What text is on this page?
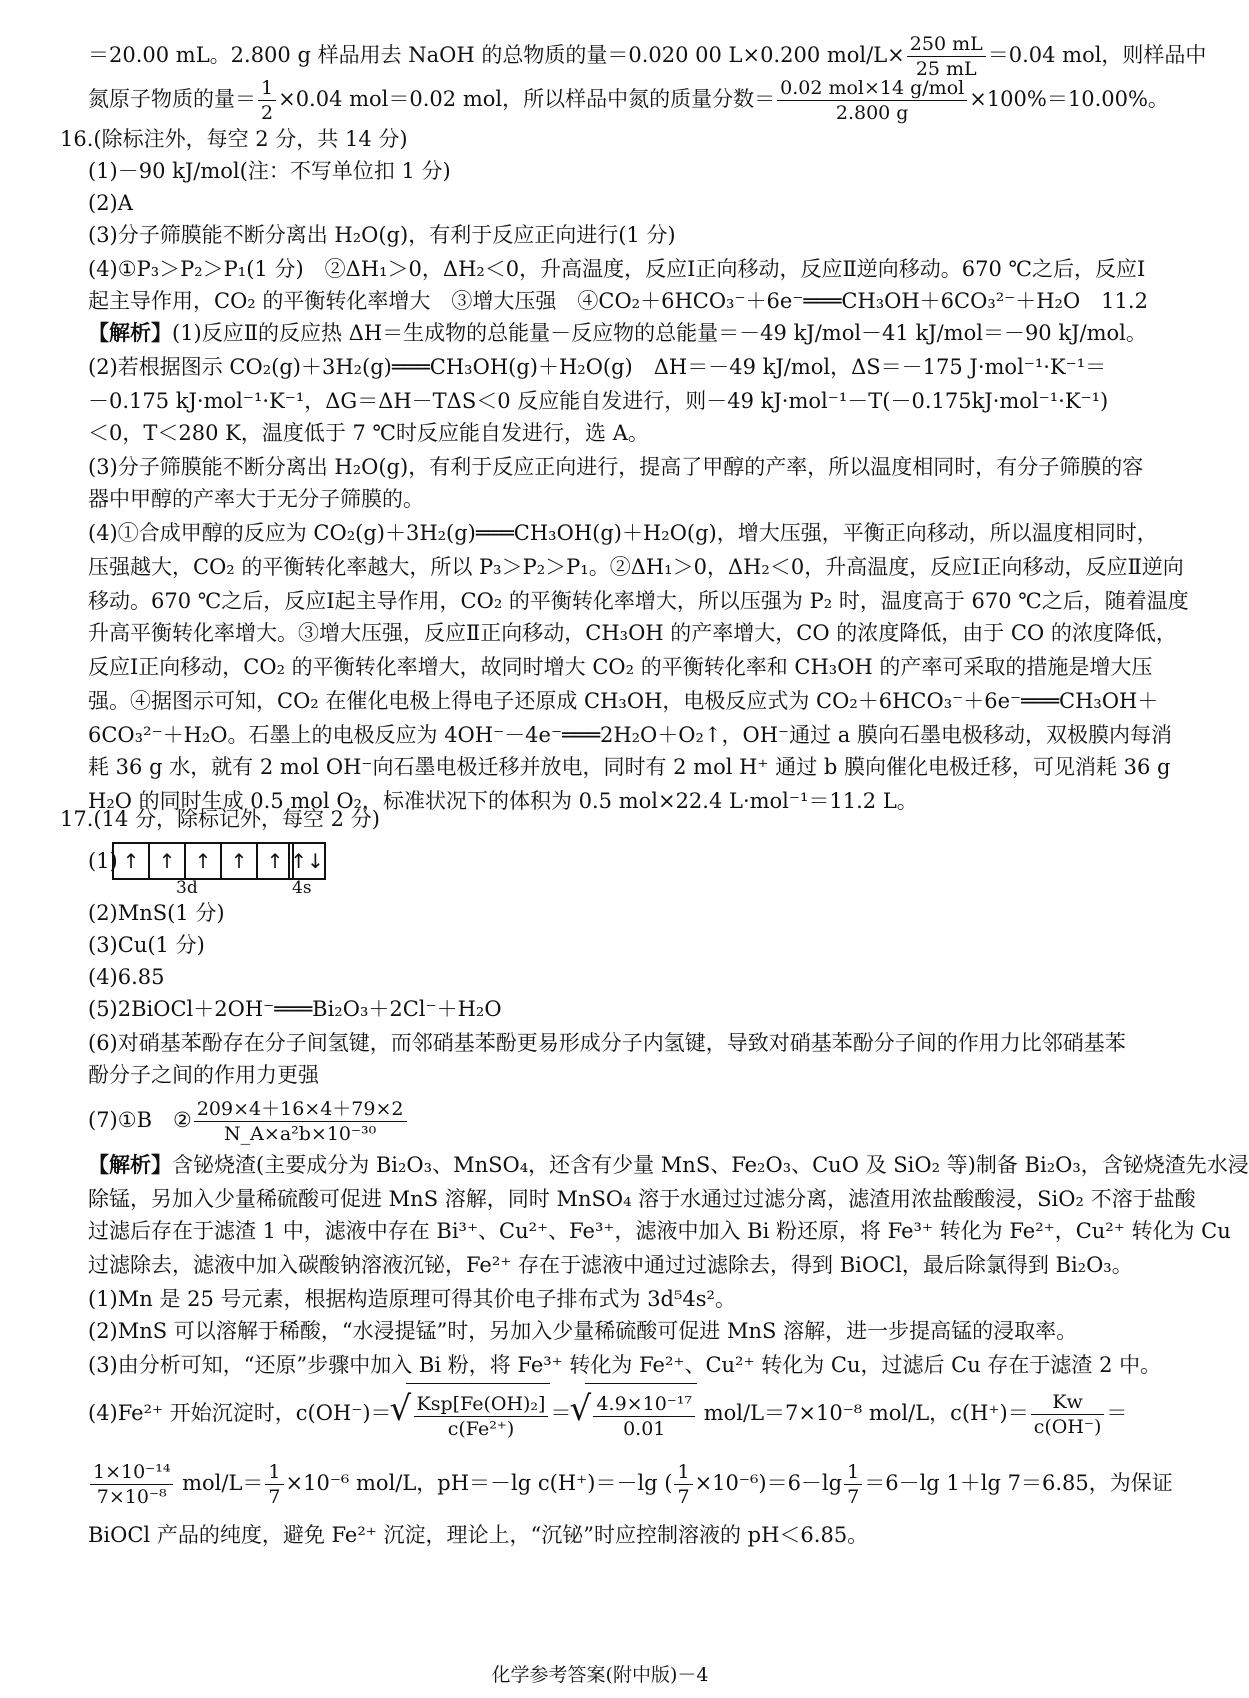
＝20.00 mL。2.800 g 样品用去 NaOH 的总物质的量＝0.020 00 L×0.200 $mol/L\times \frac{250 mL}{25 mL} =0.04$ mol，则样品中
氮原子物质的量＝ $\frac{1}{2} \times 0.04$ mol＝0.02 mol，所以样品中氮的质量分数＝ $\frac{\text{0.02 mol×14 g/mol}}{2.800 g} \times 100\%=10.00\%$。
16.(除标注外，每空 2 分，共 14 分)
(1)－90 kJ/mol(注：不写单位扣 1 分)
(2)A
(3)分子筛膜能不断分离出 H₂O(g)，有利于反应正向进行(1 分)
(4)①P₃＞P₂＞P₁(1 分)　②ΔH₁＞0，ΔH₂＜0，升高温度，反应Ⅰ正向移动，反应Ⅱ逆向移动。670 ℃之后，反应Ⅰ
起主导作用，CO₂ 的平衡转化率增大　③增大压强　④CO₂＋6HCO₃⁻＋6e⁻═══CH₃OH＋6CO₃²⁻＋H₂O　11.2
【解析】(1)反应Ⅱ的反应热 ΔH＝生成物的总能量－反应物的总能量＝－49 kJ/mol－41 kJ/mol＝－90 kJ/mol。
(2)若根据图示 CO₂(g)＋3H₂(g)═══CH₃OH(g)＋H₂O(g)　ΔH＝－49 kJ/mol，ΔS＝－175 J·mol⁻¹·K⁻¹＝
－0.175 kJ·mol⁻¹·K⁻¹，ΔG＝ΔH－TΔS＜0 反应能自发进行，则－49 kJ·mol⁻¹－T(－0.175kJ·mol⁻¹·K⁻¹)
＜0，T＜280 K，温度低于 7 ℃时反应能自发进行，选 A。
(3)分子筛膜能不断分离出 H₂O(g)，有利于反应正向进行，提高了甲醇的产率，所以温度相同时，有分子筛膜的容
器中甲醇的产率大于无分子筛膜的。
(4)①合成甲醇的反应为 CO₂(g)＋3H₂(g)═══CH₃OH(g)＋H₂O(g)，增大压强，平衡正向移动，所以温度相同时，
压强越大，CO₂ 的平衡转化率越大，所以 P₃＞P₂＞P₁。②ΔH₁＞0，ΔH₂＜0，升高温度，反应Ⅰ正向移动，反应Ⅱ逆向
移动。670 ℃之后，反应Ⅰ起主导作用，CO₂ 的平衡转化率增大，所以压强为 P₂ 时，温度高于 670 ℃之后，随着温度
升高平衡转化率增大。③增大压强，反应Ⅱ正向移动，CH₃OH 的产率增大，CO 的浓度降低，由于 CO 的浓度降低，
反应Ⅰ正向移动，CO₂ 的平衡转化率增大，故同时增大 CO₂ 的平衡转化率和 CH₃OH 的产率可采取的措施是增大压
强。④据图示可知，CO₂ 在催化电极上得电子还原成 CH₃OH，电极反应式为 CO₂＋6HCO₃⁻＋6e⁻═══CH₃OH＋
6CO₃²⁻＋H₂O。石墨上的电极反应为 4OH⁻－4e⁻═══2H₂O＋O₂↑，OH⁻通过 a 膜向石墨电极移动，双极膜内每消
耗 36 g 水，就有 2 mol OH⁻向石墨电极迁移并放电，同时有 2 mol H⁺ 通过 b 膜向催化电极迁移，可见消耗 36 g
H₂O 的同时生成 0.5 mol O₂，标准状况下的体积为 0.5 mol×22.4 L·mol⁻¹＝11.2 L。
17.(14 分，除标记外，每空 2 分)
(1) ↑ ↑ ↑ ↑ ↑ ↑↓
3d	4s
(2)MnS(1 分)
(3)Cu(1 分)
(4)6.85
(5)2BiOCl＋2OH⁻═══Bi₂O₃＋2Cl⁻＋H₂O
(6)对硝基苯酚存在分子间氢键，而邻硝基苯酚更易形成分子内氢键，导致对硝基苯酚分子间的作用力比邻硝基苯
酚分子之间的作用力更强
(7)①B　② $\frac{209\times 4+16\times 4+79\times 2}{\text{N\_A×a²b×10⁻³⁰}}$
【解析】含铋烧渣(主要成分为 Bi₂O₃、MnSO₄，还含有少量 MnS、Fe₂O₃、CuO 及 SiO₂ 等)制备 Bi₂O₃，含铋烧渣先水浸
除锰，另加入少量稀硫酸可促进 MnS 溶解，同时 MnSO₄ 溶于水通过过滤分离，滤渣用浓盐酸酸浸，SiO₂ 不溶于盐酸
过滤后存在于滤渣 1 中，滤液中存在 Bi³⁺、Cu²⁺、Fe³⁺，滤液中加入 Bi 粉还原，将 Fe³⁺ 转化为 Fe²⁺，Cu²⁺ 转化为 Cu
过滤除去，滤液中加入碳酸钠溶液沉铋，Fe²⁺ 存在于滤液中通过过滤除去，得到 BiOCl，最后除氯得到 Bi₂O₃。
(1)Mn 是 25 号元素，根据构造原理可得其价电子排布式为 3d⁵4s²。
(2)MnS 可以溶解于稀酸，“水浸提锰”时，另加入少量稀硫酸可促进 MnS 溶解，进一步提高锰的浸取率。
(3)由分析可知，“还原”步骤中加入 Bi 粉，将 Fe³⁺ 转化为 Fe²⁺、Cu²⁺ 转化为 Cu，过滤后 Cu 存在于滤渣 2 中。
(4)Fe²⁺ 开始沉淀时，c(OH⁻)＝ √ $\frac{\text{Ksp[Fe(OH)₂]}}{\text{c(Fe²⁺)}}$ ＝ √ $\frac{\text{4.9×10⁻¹⁷}}{0.01} mol/L=7\times 10^{-8}$ mol/L，$c(H^+)= \frac{Kw}{c(OH^-)}$ ＝
$\frac{\text{1×10⁻¹⁴}}{\text{7×10⁻⁸}} mol/L= \frac{1}{7} \times 10^{-6}$ mol/L，pH＝－lg c(H⁺)＝－lg ( $\frac{1}{7} \times 10^{-6})=6-\lg \frac{1}{7} =6-\lg$ 1＋lg 7＝6.85，为保证
BiOCl 产品的纯度，避免 Fe²⁺ 沉淀，理论上，“沉铋”时应控制溶液的 pH＜6.85。
化学参考答案(附中版)－4
